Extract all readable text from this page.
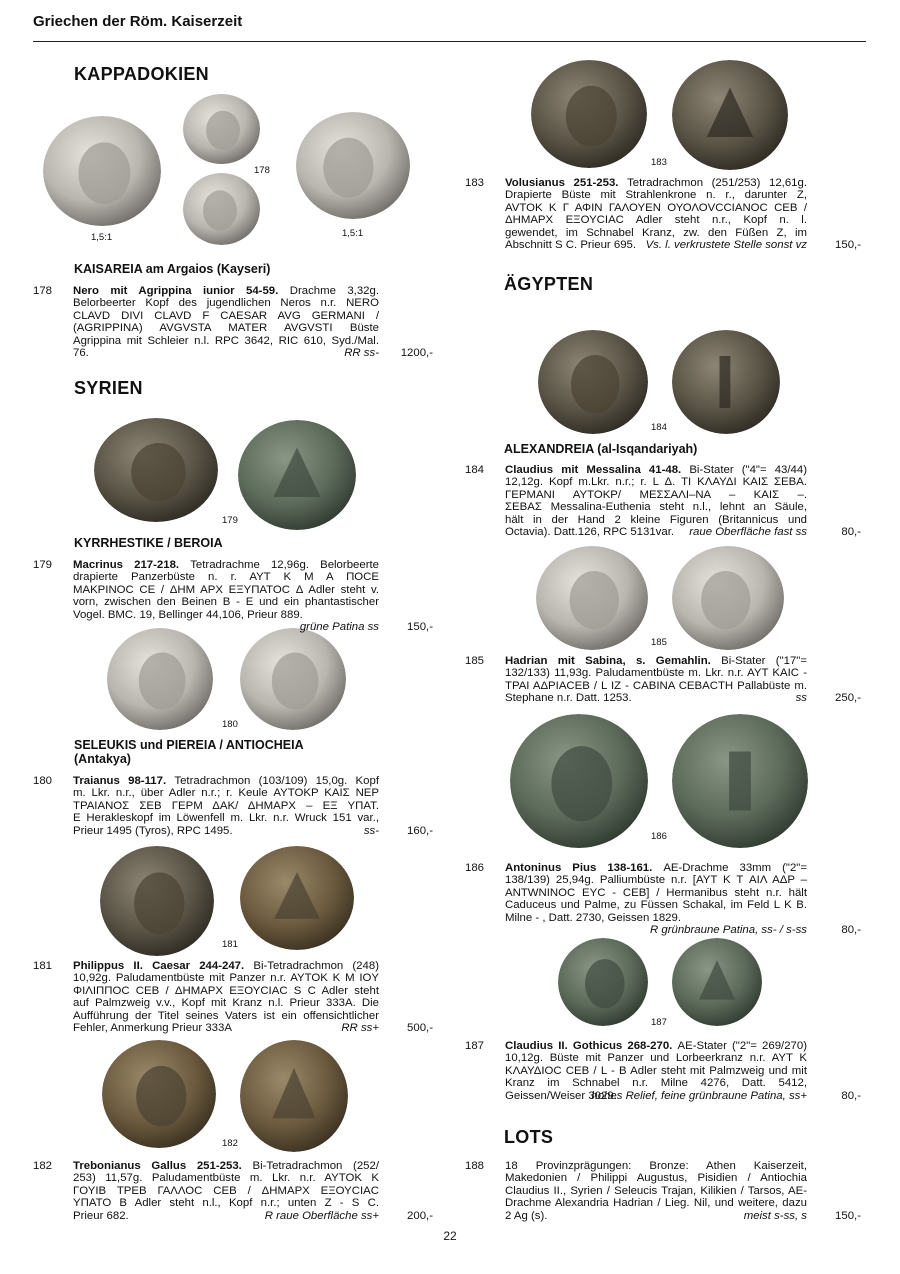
Griechen der Röm. Kaiserzeit
KAPPADOKIEN
SYRIEN
ÄGYPTEN
LOTS
KAISAREIA am Argaios (Kayseri)
KYRRHESTIKE / BEROIA
SELEUKIS und PIEREIA / ANTIOCHEIA
(Antakya)
ALEXANDREIA (al-Isqandariyah)
1,5:1
178
1,5:1
179
180
181
182
183
184
185
186
187
178 Nero mit Agrippina iunior 54-59. Drachme 3,32g.
Belorbeerter Kopf des jugendlichen Neros n.r. NERO
CLAVD DIVI CLAVD F CAESAR AVG GERMANI /
(AGRIPPINA) AVGVSTA MATER AVGVSTI Büste
Agrippina mit Schleier n.l. RPC 3642, RIC 610, Syd./Mal.
76.	RR ss-	1200,-
179 Macrinus 217-218. Tetradrachme 12,96g. Belorbeerte
drapierte Panzerbüste n. r. AYT K M A ΠΟCΕ
ΜΑΚΡΙΝΟC CE / ΔΗΜ ΑΡΧ ΕΞΥΠΑΤΟC Δ Adler steht v.
vorn, zwischen den Beinen B - E und ein phantastischer
Vogel. BMC. 19, Bellinger 44,106, Prieur 889.
grüne Patina ss	150,-
180 Traianus 98-117. Tetradrachmon (103/109) 15,0g. Kopf
m. Lkr. n.r., über Adler n.r.; r. Keule ΑΥΤΟΚΡ ΚΑΙΣ ΝΕΡ
ΤΡΑΙΑΝΟΣ ΣΕΒ ΓΕΡΜ ΔΑΚ/ ΔΗΜΑΡΧ – ΕΞ ΥΠΑΤ.
Ε Herakleskopf im Löwenfell m. Lkr. n.r. Wruck 151 var.,
Prieur 1495 (Tyros), RPC 1495.	ss-	160,-
181 Philippus II. Caesar 244-247. Bi-Tetradrachmon (248)
10,92g. Paludamentbüste mit Panzer n.r. AYTOK K M IOY
ΦΙΛΙΠΠΟC CEB / ΔΗΜΑΡΧ ΕΞΟΥCIAC S C Adler steht
auf Palmzweig v.v., Kopf mit Kranz n.l. Prieur 333A. Die
Aufführung der Titel seines Vaters ist ein offensichtlicher
Fehler, Anmerkung Prieur 333A	RR ss+	500,-
182 Trebonianus Gallus 251-253. Bi-Tetradrachmon (252/
253) 11,57g. Paludamentbüste m. Lkr. n.r. AYTOK K
ΓΟΥΙΒ ΤΡΕΒ ΓΑΛΛΟC CEB / ΔΗΜΑΡΧ ΕΞΟΥCIAC
ΥΠΑΤΟ B Adler steht n.l., Kopf n.r.; unten Z - S C.
Prieur 682.	R raue Oberfläche ss+	200,-
183 Volusianus 251-253. Tetradrachmon (251/253) 12,61g.
Drapierte Büste mit Strahlenkrone n. r., darunter Z,
AVTOK K Γ ΑΦΙΝ ΓΑΛΟΥΕΝ ΟΥΟΛΟVCCIANOC CEB /
ΔΗΜΑΡΧ ΕΞΟΥCIAC Adler steht n.r., Kopf n. l.
gewendet, im Schnabel Kranz, zw. den Füßen Z, im
Abschnitt S C. Prieur 695. Vs. l. verkrustete Stelle sonst vz	150,-
184 Claudius mit Messalina 41-48. Bi-Stater ("4"= 43/44)
12,12g. Kopf m.Lkr. n.r.; r. L Δ. ΤΙ ΚΛΑΥΔΙ ΚΑΙΣ ΣΕΒΑ.
ΓΕΡΜΑΝΙ ΑΥΤΟΚΡ/ ΜΕΣΣΑΛΙ–ΝΑ – ΚΑΙΣ –.
ΣΕΒΑΣ Messalina-Euthenia steht n.l., lehnt an Säule,
hält in der Hand 2 kleine Figuren (Britannicus und
Octavia). Datt.126, RPC 5131var.	raue Oberfläche fast ss	80,-
185 Hadrian mit Sabina, s. Gemahlin. Bi-Stater ("17"=
132/133) 11,93g. Paludamentbüste m. Lkr. n.r. AYT KAIC -
ΤΡΑΙ ΑΔΡΙΑCEB / L IZ - CABINA CEBACTH Pallabüste m.
Stephane n.r. Datt. 1253.	ss	250,-
186 Antoninus Pius 138-161. AE-Drachme 33mm ("2"=
138/139) 25,94g. Palliumbüste n.r. [AYT K T ΑΙΛ ΑΔΡ –
ANTWNINOC EYC - CEB] / Hermanibus steht n.r. hält
Caduceus und Palme, zu Füssen Schakal, im Feld L K B.
Milne - , Datt. 2730, Geissen 1829.
R grünbraune Patina, ss- / s-ss	80,-
187 Claudius II. Gothicus 268-270. AE-Stater ("2"= 269/270)
10,12g. Büste mit Panzer und Lorbeerkranz n.r. AYT K
ΚΛΑΥΔΙΟC CEB / L - B Adler steht mit Palmzweig und mit
Kranz im Schnabel n.r. Milne 4276, Datt. 5412,
Geissen/Weiser 3029.
hohes Relief, feine grünbraune Patina, ss+	80,-
188 18 Provinzprägungen: Bronze: Athen Kaiserzeit,
Makedonien / Philippi Augustus, Pisidien / Antiochia
Claudius II., Syrien / Seleucis Trajan, Kilikien / Tarsos, AE-
Drachme Alexandria Hadrian / Lieg. Nil, und weitere, dazu
2 Ag (s).	meist s-ss, s	150,-
22
